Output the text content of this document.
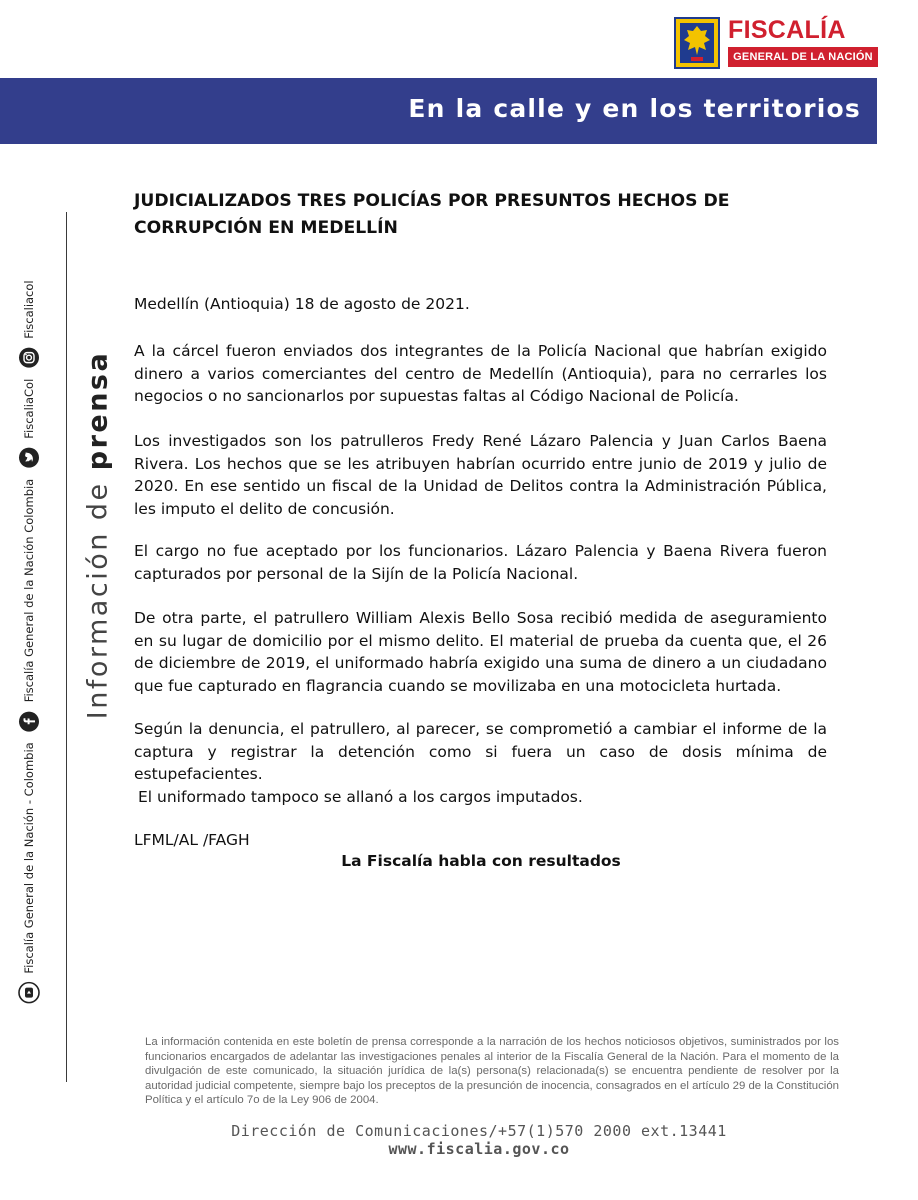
FISCALÍA
GENERAL DE LA NACIÓN
En la calle y en los territorios
Información de prensa
Fiscalía General de la Nación - Colombia
Fiscalía General de la Nación Colombia
FiscaliaCol
Fiscaliacol
JUDICIALIZADOS TRES POLICÍAS POR PRESUNTOS HECHOS DE CORRUPCIÓN EN MEDELLÍN

Medellín (Antioquia) 18 de agosto de 2021.

A la cárcel fueron enviados dos integrantes de la Policía Nacional que habrían exigido dinero a varios comerciantes del centro de Medellín (Antioquia), para no cerrarles los negocios o no sancionarlos por supuestas faltas al Código Nacional de Policía.

Los investigados son los patrulleros Fredy René Lázaro Palencia y Juan Carlos Baena Rivera. Los hechos que se les atribuyen habrían ocurrido entre junio de 2019 y julio de 2020. En ese sentido un fiscal de la Unidad de Delitos contra la Administración Pública, les imputo el delito de concusión.

El cargo no fue aceptado por los funcionarios. Lázaro Palencia y Baena Rivera fueron capturados por personal de la Sijín de la Policía Nacional.

De otra parte, el patrullero William Alexis Bello Sosa recibió medida de aseguramiento en su lugar de domicilio por el mismo delito. El material de prueba da cuenta que, el 26 de diciembre de 2019, el uniformado habría exigido una suma de dinero a un ciudadano que fue capturado en flagrancia cuando se movilizaba en una motocicleta hurtada.

Según la denuncia, el patrullero, al parecer, se comprometió a cambiar el informe de la captura y registrar la detención como si fuera un caso de dosis mínima de estupefacientes.

El uniformado tampoco se allanó a los cargos imputados.

LFML/AL /FAGH

La Fiscalía habla con resultados

La información contenida en este boletín de prensa corresponde a la narración de los hechos noticiosos objetivos, suministrados por los funcionarios encargados de adelantar las investigaciones penales al interior de la Fiscalía General de la Nación. Para el momento de la divulgación de este comunicado, la situación jurídica de la(s) persona(s) relacionada(s) se encuentra pendiente de resolver por la autoridad judicial competente, siempre bajo los preceptos de la presunción de inocencia, consagrados en el artículo 29 de la Constitución Política y el artículo 7o de la Ley 906 de 2004.

Dirección de Comunicaciones/+57(1)570 2000 ext.13441

www.fiscalia.gov.co
